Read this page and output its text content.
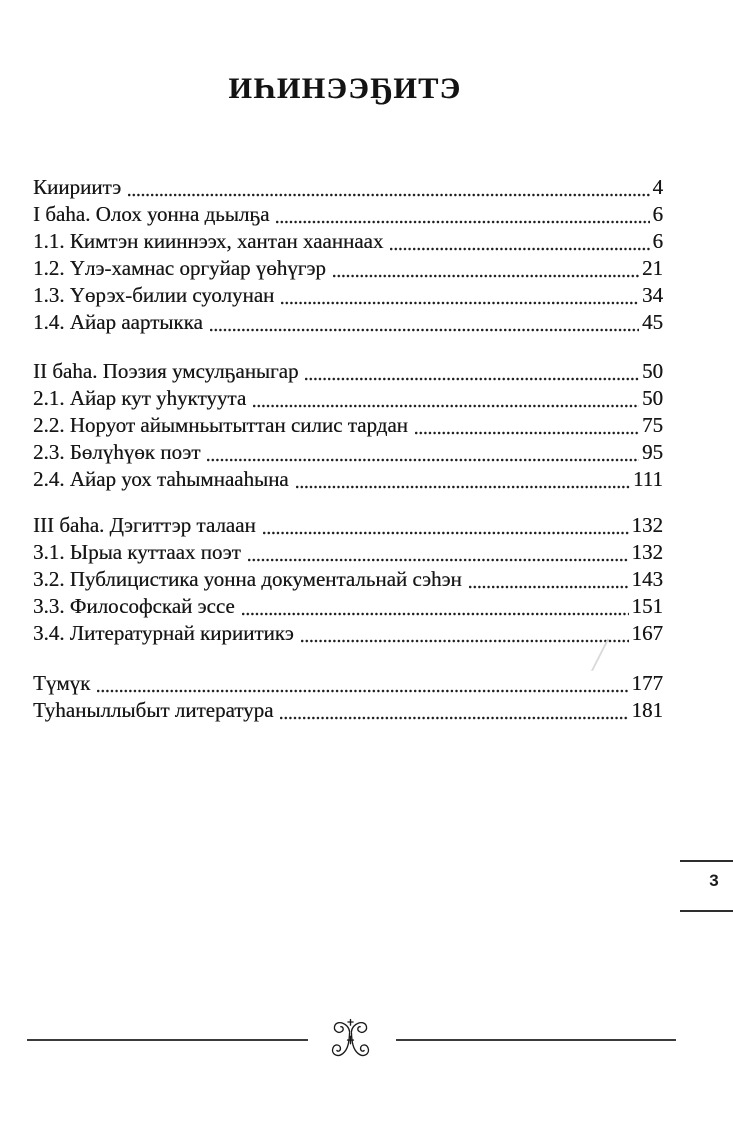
ИҺИНЭЭҔИТЭ
Киириитэ	4
I баһа. Олох уонна дьылҕа	6
1.1. Кимтэн кииннээх, хантан хааннаах	6
1.2. Үлэ-хамнас оргуйар үөһүгэр	21
1.3. Үөрэх-билии суолунан	34
1.4. Айар аартыкка	45
II баһа. Поэзия умсулҕаныгар	50
2.1. Айар кут уһуктуута	50
2.2. Норуот айымньытыттан силис тардан	75
2.3. Бөлүһүөк поэт	95
2.4. Айар уох таһымнааһына	111
III баһа. Дэгиттэр талаан	132
3.1. Ырыа куттаах поэт	132
3.2. Публицистика уонна документальнай сэһэн	143
3.3. Философскай эссе	151
3.4. Литературнай кириитикэ	167
Түмүк	177
Туһаныллыбыт литература	181
3
